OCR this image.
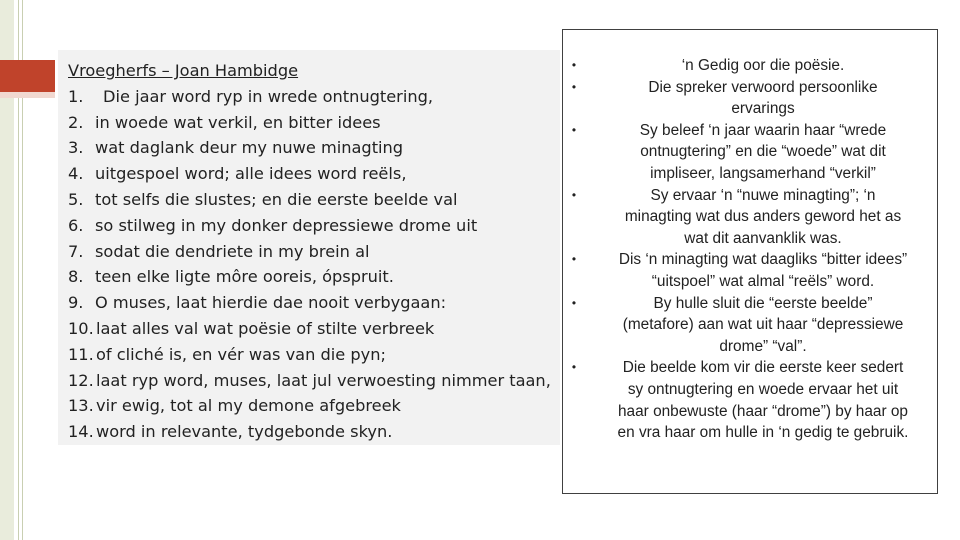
Vroegherfs – Joan Hambidge
1.	Die jaar word ryp in wrede ontnugtering,
2. in woede wat verkil, en bitter idees
3. wat daglank deur my nuwe minagting
4. uitgespoel word; alle idees word reëls,
5. tot selfs die slustes; en die eerste beelde val
6. so stilweg in my donker depressiewe drome uit
7. sodat die dendriete in my brein al
8. teen elke ligte môre ooreis, ópspruit.
9. O muses, laat hierdie dae nooit verbygaan:
10. laat alles val wat poësie of stilte verbreek
11. of cliché is, en vér was van die pyn;
12. laat ryp word, muses, laat jul verwoesting nimmer taan,
13. vir ewig, tot al my demone afgebreek
14. word in relevante, tydgebonde skyn.
•	‘n Gedig oor die poësie.
•	Die spreker verwoord persoonlike
ervarings
•	Sy beleef ‘n jaar waarin haar “wrede
ontnugtering” en die “woede” wat dit
impliseer, langsamerhand “verkil”
•	Sy ervaar ‘n “nuwe minagting”; ‘n
minagting wat dus anders geword het as
wat dit aanvanklik was.
•	Dis ‘n minagting wat daagliks “bitter idees”
“uitspoel” wat almal “reëls” word.
•	By hulle sluit die “eerste beelde”
(metafore) aan wat uit haar “depressiewe
drome” “val”.
•	Die beelde kom vir die eerste keer sedert
sy ontnugtering en woede ervaar het uit
haar onbewuste (haar “drome”) by haar op
en vra haar om hulle in ‘n gedig te gebruik.
